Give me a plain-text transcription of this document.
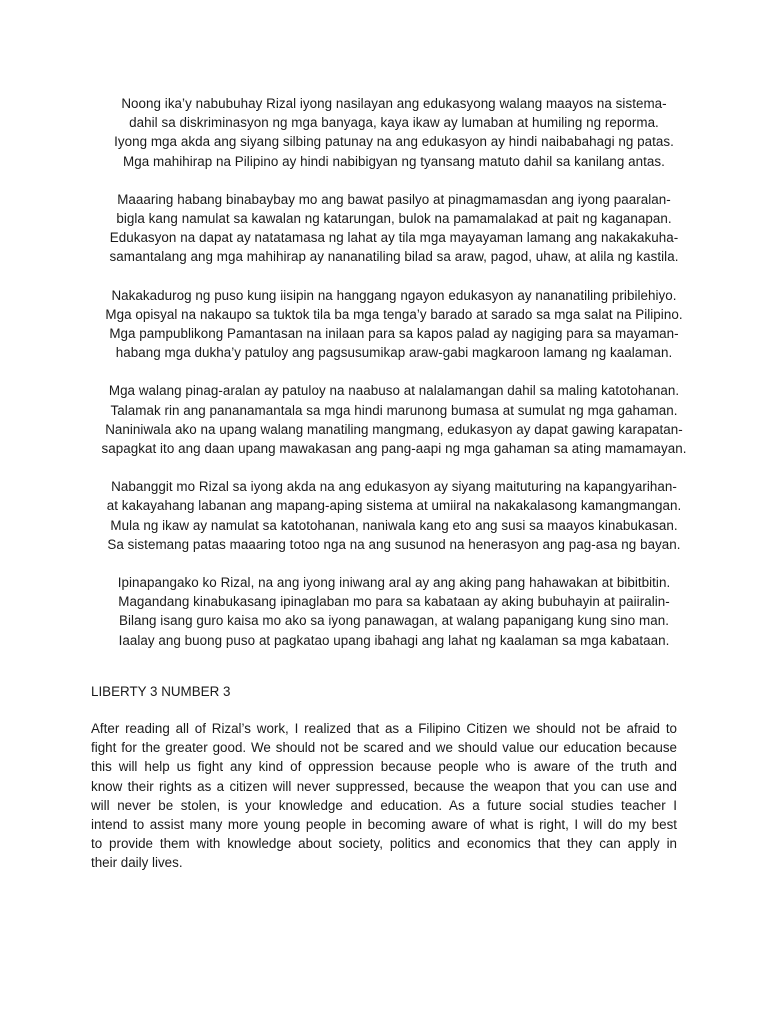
Noong ika’y nabubuhay Rizal iyong nasilayan ang edukasyong walang maayos na sistema-
dahil sa diskriminasyon ng mga banyaga, kaya ikaw ay lumaban at humiling ng reporma.
Iyong mga akda ang siyang silbing patunay na ang edukasyon ay hindi naibabahagi ng patas.
Mga mahihirap na Pilipino ay hindi nabibigyan ng tyansang matuto dahil sa kanilang antas.
Maaaring habang binabaybay mo ang bawat pasilyo at pinagmamasdan ang iyong paaralan-
bigla kang namulat sa kawalan ng katarungan, bulok na pamamalakad at pait ng kaganapan.
Edukasyon na dapat ay natatamasa ng lahat ay tila mga mayayaman lamang ang nakakakuha-
samantalang ang mga mahihirap ay nananatiling bilad sa araw, pagod, uhaw, at alila ng kastila.
Nakakadurog ng puso kung iisipin na hanggang ngayon edukasyon ay nananatiling pribilehiyo.
Mga opisyal na nakaupo sa tuktok tila ba mga tenga’y barado at sarado sa mga salat na Pilipino.
Mga pampublikong Pamantasan na inilaan para sa kapos palad ay nagiging para sa mayaman-
habang mga dukha’y patuloy ang pagsusumikap araw-gabi magkaroon lamang ng kaalaman.
Mga walang pinag-aralan ay patuloy na naabuso at nalalamangan dahil sa maling katotohanan.
Talamak rin ang pananamantala sa mga hindi marunong bumasa at sumulat ng mga gahaman.
Naniniwala ako na upang walang manatiling mangmang, edukasyon ay dapat gawing karapatan-
sapagkat ito ang daan upang mawakasan ang pang-aapi ng mga gahaman sa ating mamamayan.
Nabanggit mo Rizal sa iyong akda na ang edukasyon ay siyang maituturing na kapangyarihan-
at kakayahang labanan ang mapang-aping sistema at umiiral na nakakalasong kamangmangan.
Mula ng ikaw ay namulat sa katotohanan, naniwala kang eto ang susi sa maayos kinabukasan.
Sa sistemang patas maaaring totoo nga na ang susunod na henerasyon ang pag-asa ng bayan.
Ipinapangako ko Rizal, na ang iyong iniwang aral ay ang aking pang hahawakan at bibitbitin.
Magandang kinabukasang ipinaglaban mo para sa kabataan ay aking bubuhayin at paiiralin-
Bilang isang guro kaisa mo ako sa iyong panawagan, at walang papanigang kung sino man.
Iaalay ang buong puso at pagkatao upang ibahagi ang lahat ng kaalaman sa mga kabataan.
LIBERTY 3 NUMBER 3
After reading all of Rizal’s work, I realized that as a Filipino Citizen we should not be afraid to
fight for the greater good. We should not be scared and we should value our education because
this will help us fight any kind of oppression because people who is aware of the truth and
know their rights as a citizen will never suppressed, because the weapon that you can use and
will never be stolen, is your knowledge and education. As a future social studies teacher I
intend to assist many more young people in becoming aware of what is right, I will do my best
to provide them with knowledge about society, politics and economics that they can apply in
their daily lives.
